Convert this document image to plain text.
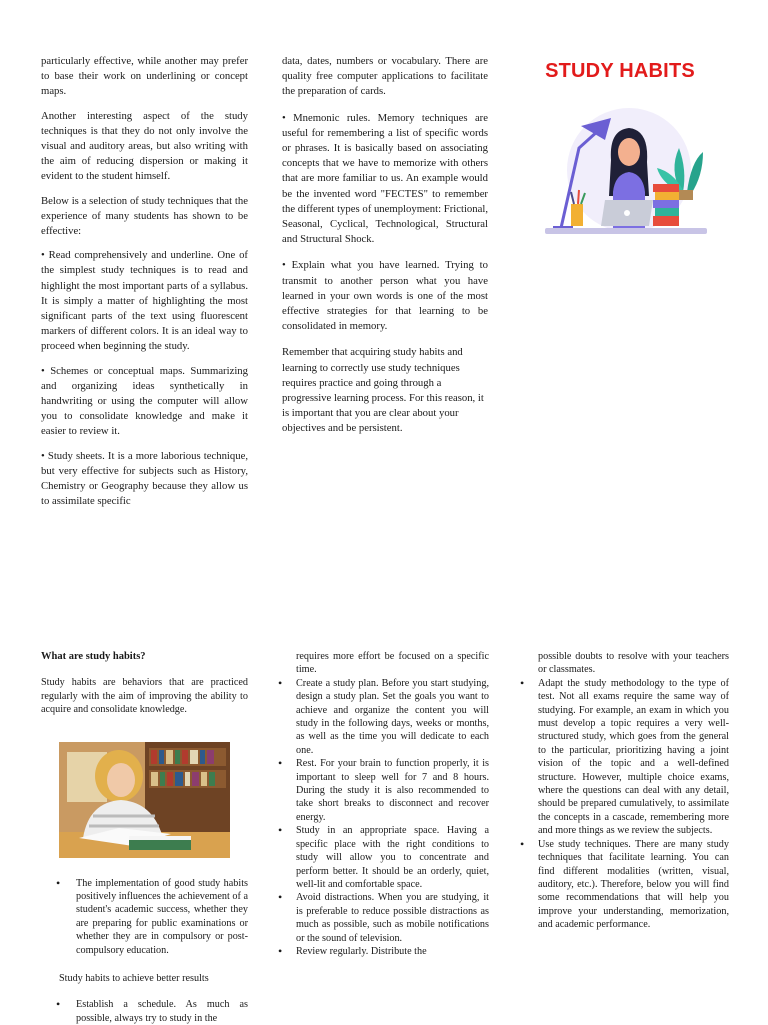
particularly effective, while another may prefer to base their work on underlining or concept maps.

Another interesting aspect of the study techniques is that they do not only involve the visual and auditory areas, but also writing with the aim of reducing dispersion or making it evident to the student himself.

Below is a selection of study techniques that the experience of many students has shown to be effective:

• Read comprehensively and underline. One of the simplest study techniques is to read and highlight the most important parts of a syllabus. It is simply a matter of highlighting the most significant parts of the text using fluorescent markers of different colors. It is an ideal way to proceed when beginning the study.

• Schemes or conceptual maps. Summarizing and organizing ideas synthetically in handwriting or using the computer will allow you to consolidate knowledge and make it easier to review it.

• Study sheets. It is a more laborious technique, but very effective for subjects such as History, Chemistry or Geography because they allow us to assimilate specific

data, dates, numbers or vocabulary. There are quality free computer applications to facilitate the preparation of cards.

• Mnemonic rules. Memory techniques are useful for remembering a list of specific words or phrases. It is basically based on associating concepts that we have to memorize with others that are more familiar to us. An example would be the invented word "FECTES" to remember the different types of unemployment: Frictional, Seasonal, Cyclical, Technological, Structural and Structural Shock.

• Explain what you have learned. Trying to transmit to another person what you have learned in your own words is one of the most effective strategies for that learning to be consolidated in memory.

Remember that acquiring study habits and learning to correctly use study techniques requires practice and going through a progressive learning process. For this reason, it is important that you are clear about your objectives and be persistent.

STUDY HABITS
What are study habits?
Study habits are behaviors that are practiced regularly with the aim of improving the ability to acquire and consolidate knowledge.
• The implementation of good study habits positively influences the achievement of a student's academic success, whether they are preparing for public examinations or whether they are in compulsory or post-compulsory education.
Study habits to achieve better results
• Establish a schedule. As much as possible, always try to study in the
requires more effort be focused on a specific time.
• Create a study plan. Before you start studying, design a study plan. Set the goals you want to achieve and organize the content you will study in the following days, weeks or months, as well as the time you will dedicate to each one.
• Rest. For your brain to function properly, it is important to sleep well for 7 and 8 hours. During the study it is also recommended to take short breaks to disconnect and recover energy.
• Study in an appropriate space. Having a specific place with the right conditions to study will allow you to concentrate and perform better. It should be an orderly, quiet, well-lit and comfortable space.
• Avoid distractions. When you are studying, it is preferable to reduce possible distractions as much as possible, such as mobile notifications or the sound of television.
• Review regularly. Distribute the
possible doubts to resolve with your teachers or classmates.
• Adapt the study methodology to the type of test. Not all exams require the same way of studying. For example, an exam in which you must develop a topic requires a very well-structured study, which goes from the general to the particular, prioritizing having a joint vision of the topic and a well-defined structure. However, multiple choice exams, where the questions can deal with any detail, should be prepared cumulatively, to assimilate the concepts in a cascade, remembering more and more things as we review the subjects.
• Use study techniques. There are many study techniques that facilitate learning. You can find different modalities (written, visual, auditory, etc.). Therefore, below you will find some recommendations that will help you improve your understanding, memorization, and academic performance.
